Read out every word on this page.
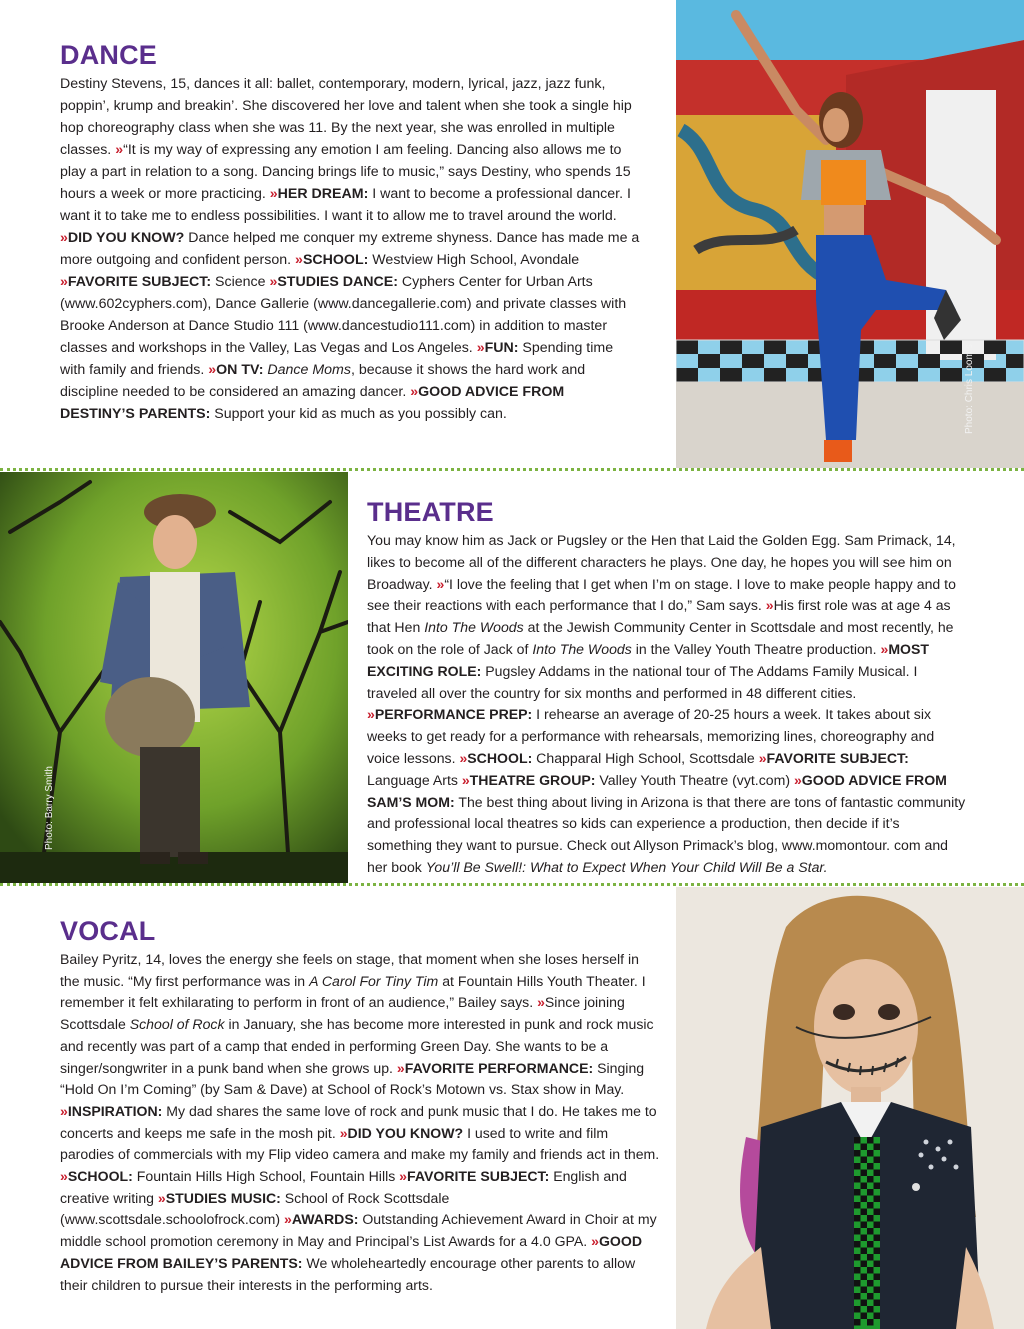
DANCE

Destiny Stevens, 15, dances it all: ballet, contemporary, modern, lyrical, jazz, jazz funk, poppin’, krump and breakin’. She discovered her love and talent when she took a single hip hop choreography class when she was 11. By the next year, she was enrolled in multiple classes. »“It is my way of expressing any emotion I am feeling. Dancing also allows me to play a part in relation to a song. Dancing brings life to music,” says Destiny, who spends 15 hours a week or more practicing. »HER DREAM: I want to become a professional dancer. I want it to take me to endless possibilities. I want it to allow me to travel around the world. »DID YOU KNOW? Dance helped me conquer my extreme shyness. Dance has made me a more outgoing and confident person. »SCHOOL: Westview High School, Avondale »FAVORITE SUBJECT: Science »STUDIES DANCE: Cyphers Center for Urban Arts (www.602cyphers.com), Dance Gallerie (www.dancegallerie.com) and private classes with Brooke Anderson at Dance Studio 111 (www.dancestudio111.com) in addition to master classes and workshops in the Valley, Las Vegas and Los Angeles. »FUN: Spending time with family and friends. »ON TV: Dance Moms, because it shows the hard work and discipline needed to be considered an amazing dancer. »GOOD ADVICE FROM DESTINY’S PARENTS: Support your kid as much as you possibly can.	Photo: Chris Loomis
Photo: Barry Smith
THEATRE

You may know him as Jack or Pugsley or the Hen that Laid the Golden Egg. Sam Primack, 14, likes to become all of the different characters he plays. One day, he hopes you will see him on Broadway. »“I love the feeling that I get when I’m on stage. I love to make people happy and to see their reactions with each performance that I do,” Sam says. »His first role was at age 4 as that Hen Into The Woods at the Jewish Community Center in Scottsdale and most recently, he took on the role of Jack of Into The Woods in the Valley Youth Theatre production. »MOST EXCITING ROLE: Pugsley Addams in the national tour of The Addams Family Musical. I traveled all over the country for six months and performed in 48 different cities. »PERFORMANCE PREP: I rehearse an average of 20-25 hours a week. It takes about six weeks to get ready for a performance with rehearsals, memorizing lines, choreography and voice lessons. »SCHOOL: Chapparal High School, Scottsdale »FAVORITE SUBJECT: Language Arts »THEATRE GROUP: Valley Youth Theatre (vyt.com) »GOOD ADVICE FROM SAM’S MOM: The best thing about living in Arizona is that there are tons of fantastic community and professional local theatres so kids can experience a production, then decide if it’s something they want to pursue. Check out Allyson Primack’s blog, www.momontour. com and her book You’ll Be Swell!: What to Expect When Your Child Will Be a Star.

VOCAL

Bailey Pyritz, 14, loves the energy she feels on stage, that moment when she loses herself in the music. “My first performance was in A Carol For Tiny Tim at Fountain Hills Youth Theater. I remember it felt exhilarating to perform in front of an audience,” Bailey says. »Since joining Scottsdale School of Rock in January, she has become more interested in punk and rock music and recently was part of a camp that ended in performing Green Day. She wants to be a singer/songwriter in a punk band when she grows up. »FAVORITE PERFORMANCE: Singing “Hold On I’m Coming” (by Sam & Dave) at School of Rock’s Motown vs. Stax show in May. »INSPIRATION: My dad shares the same love of rock and punk music that I do. He takes me to concerts and keeps me safe in the mosh pit. »DID YOU KNOW? I used to write and film parodies of commercials with my Flip video camera and make my family and friends act in them. »SCHOOL: Fountain Hills High School, Fountain Hills »FAVORITE SUBJECT: English and creative writing »STUDIES MUSIC: School of Rock Scottsdale (www.scottsdale.schoolofrock.com) »AWARDS: Outstanding Achievement Award in Choir at my middle school promotion ceremony in May and Principal’s List Awards for a 4.0 GPA. »GOOD ADVICE FROM BAILEY’S PARENTS: We wholeheartedly encourage other parents to allow their children to pursue their interests in the performing arts.
